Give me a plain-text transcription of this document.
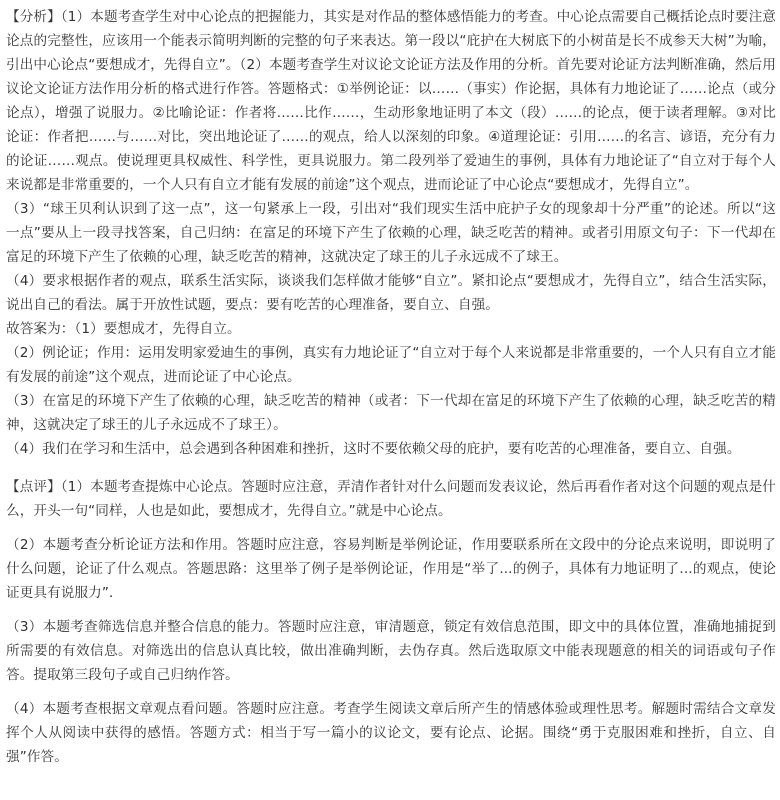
【分析】（1）本题考查学生对中心论点的把握能力，其实是对作品的整体感悟能力的考查。中心论点需要自己概括论点时要注意论点的完整性，应该用一个能表示简明判断的完整的句子来表达。第一段以“庇护在大树底下的小树苗是长不成参天大树”为喻，引出中心论点“要想成才，先得自立”。（2）本题考查学生对议论文论证方法及作用的分析。首先要对论证方法判断准确，然后用议论文论证方法作用分析的格式进行作答。答题格式：①举例论证：以……（事实）作论据，具体有力地论证了……论点（或分论点），增强了说服力。②比喻论证：作者将……比作……，生动形象地证明了本文（段）……的论点，便于读者理解。③对比论证：作者把……与……对比，突出地论证了……的观点，给人以深刻的印象。④道理论证：引用……的名言、谚语，充分有力的论证……观点。使说理更具权威性、科学性，更具说服力。第二段列举了爱迪生的事例，具体有力地论证了“自立对于每个人来说都是非常重要的，一个人只有自立才能有发展的前途”这个观点，进而论证了中心论点“要想成才，先得自立”。

（3）“球王贝利认识到了这一点”，这一句紧承上一段，引出对“我们现实生活中庇护子女的现象却十分严重”的论述。所以“这一点”要从上一段寻找答案，自己归纳：在富足的环境下产生了依赖的心理，缺乏吃苦的精神。或者引用原文句子：下一代却在富足的环境下产生了依赖的心理，缺乏吃苦的精神，这就决定了球王的儿子永远成不了球王。

（4）要求根据作者的观点，联系生活实际，谈谈我们怎样做才能够“自立”。紧扣论点“要想成才，先得自立”，结合生活实际，说出自己的看法。属于开放性试题，要点：要有吃苦的心理准备，要自立、自强。

故答案为：（1）要想成才，先得自立。

（2）例论证；作用：运用发明家爱迪生的事例，真实有力地论证了“自立对于每个人来说都是非常重要的，一个人只有自立才能有发展的前途”这个观点，进而论证了中心论点。

（3）在富足的环境下产生了依赖的心理，缺乏吃苦的精神（或者：下一代却在富足的环境下产生了依赖的心理，缺乏吃苦的精神，这就决定了球王的儿子永远成不了球王）。

（4）我们在学习和生活中，总会遇到各种困难和挫折，这时不要依赖父母的庇护，要有吃苦的心理准备，要自立、自强。

【点评】（1）本题考查提炼中心论点。答题时应注意，弄清作者针对什么问题而发表议论，然后再看作者对这个问题的观点是什么，开头一句“同样，人也是如此，要想成才，先得自立。”就是中心论点。

（2）本题考查分析论证方法和作用。答题时应注意，容易判断是举例论证，作用要联系所在文段中的分论点来说明，即说明了什么问题，论证了什么观点。答题思路：这里举了例子是举例论证，作用是“举了...的例子，具体有力地证明了...的观点，使论证更具有说服力”．

（3）本题考查筛选信息并整合信息的能力。答题时应注意，审清题意，锁定有效信息范围，即文中的具体位置，准确地捕捉到所需要的有效信息。对筛选出的信息认真比较，做出准确判断，去伪存真。然后选取原文中能表现题意的相关的词语或句子作答。提取第三段句子或自己归纳作答。

（4）本题考查根据文章观点看问题。答题时应注意。考查学生阅读文章后所产生的情感体验或理性思考。解题时需结合文章发挥个人从阅读中获得的感悟。答题方式：相当于写一篇小的议论文，要有论点、论据。围绕“勇于克服困难和挫折，自立、自强”作答。
